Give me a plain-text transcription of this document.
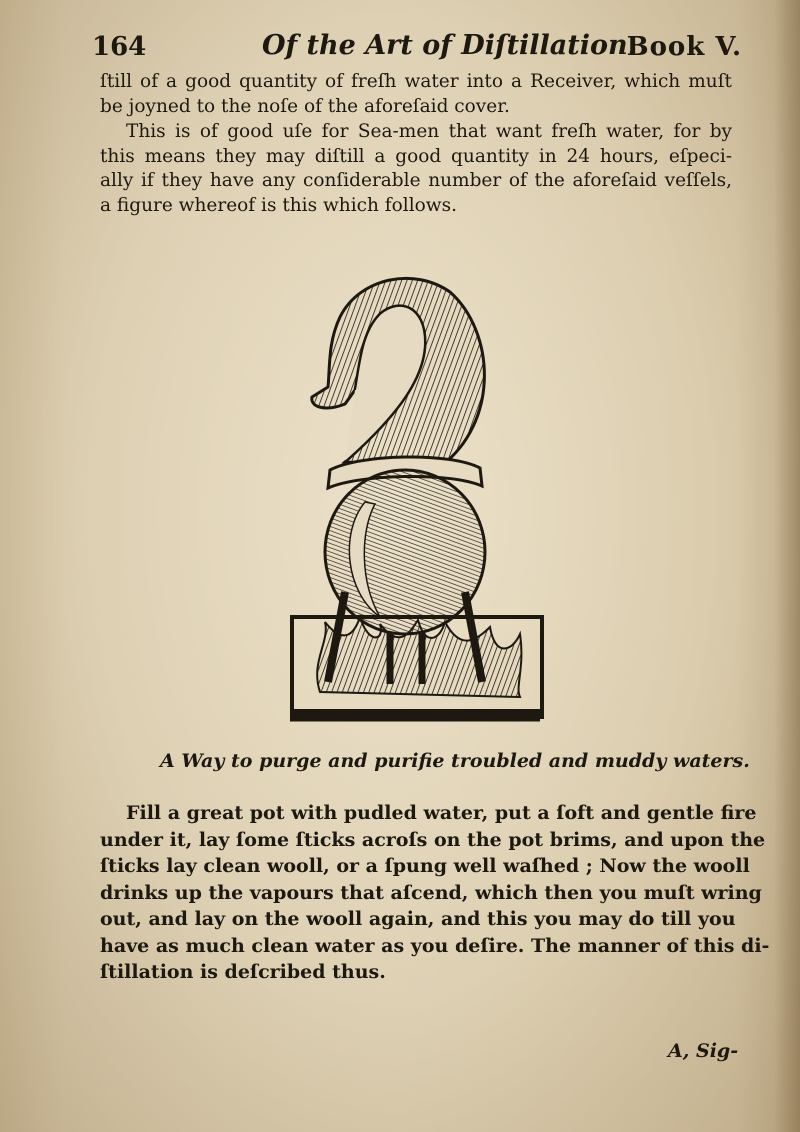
164	Of the Art of Diſtillation.
Book V.
ſtill of a good quantity of freſh water into a Receiver, which muſt
be joyned to the noſe of the aforeſaid cover.
This is of good uſe for Sea-men that want freſh water, for by
this means they may diſtill a good quantity in 24 hours, eſpeci-
ally if they have any conſiderable number of the aforeſaid veſſels,
a figure whereof is this which follows.
A Way to purge and purifie troubled and muddy waters.
Fill a great pot with pudled water, put a ſoft and gentle fire
under it, lay ſome ſticks acroſs on the pot brims, and upon the
ſticks lay clean wooll, or a ſpung well waſhed ; Now the wooll
drinks up the vapours that aſcend, which then you muſt wring
out, and lay on the wooll again, and this you may do till you
have as much clean water as you deſire. The manner of this di-
ſtillation is deſcribed thus.
A, Sig-
